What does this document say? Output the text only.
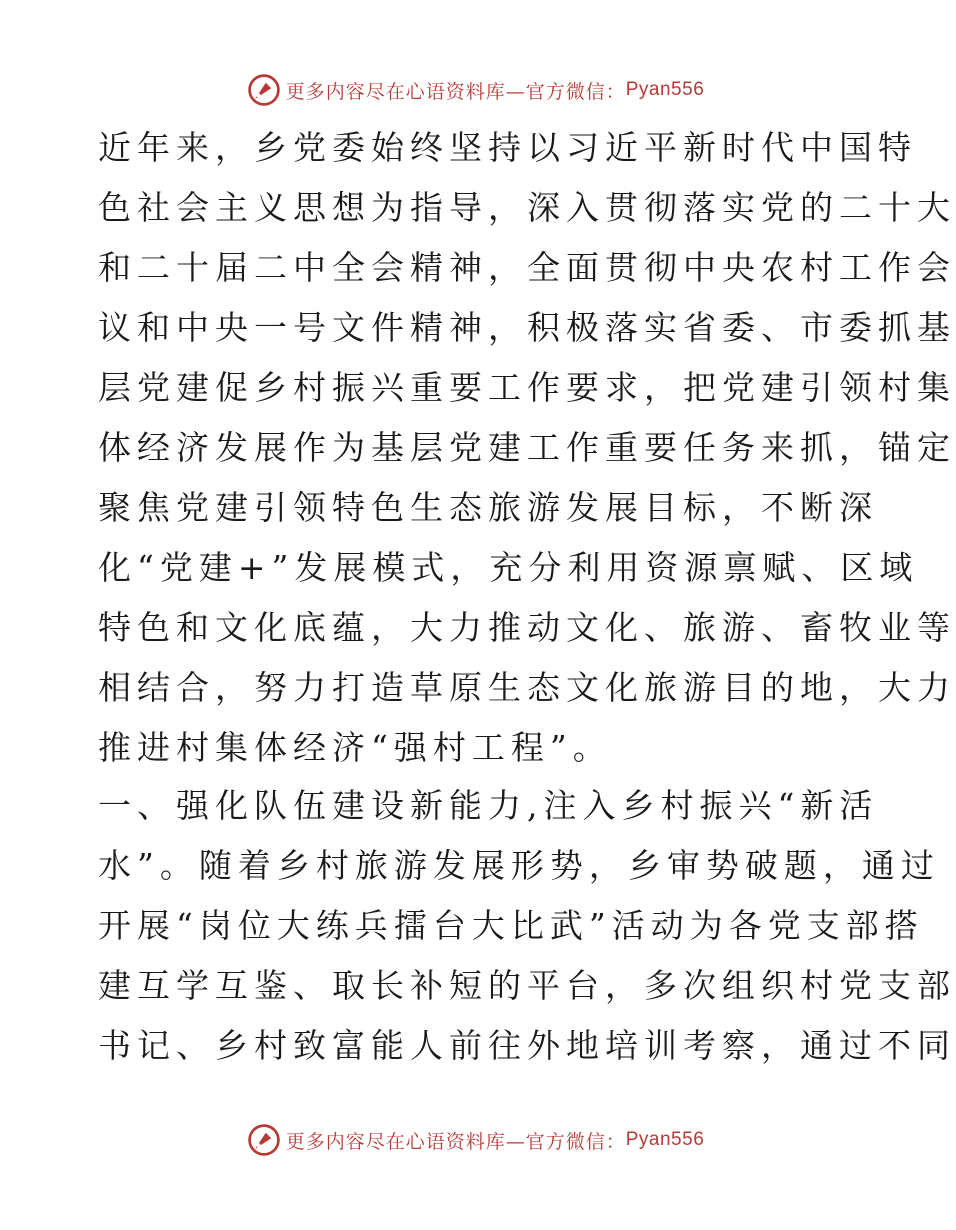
更多内容尽在心语资料库—官方微信： Pyan556
近年来，乡党委始终坚持以习近平新时代中国特
色社会主义思想为指导，深入贯彻落实党的二十大
和二十届二中全会精神，全面贯彻中央农村工作会
议和中央一号文件精神，积极落实省委、市委抓基
层党建促乡村振兴重要工作要求，把党建引领村集
体经济发展作为基层党建工作重要任务来抓，锚定
聚焦党建引领特色生态旅游发展目标，不断深
化“党建+”发展模式，充分利用资源禀赋、区域
特色和文化底蕴，大力推动文化、旅游、畜牧业等
相结合，努力打造草原生态文化旅游目的地，大力
推进村集体经济“强村工程”。
一、强化队伍建设新能力,注入乡村振兴“新活
水”。随着乡村旅游发展形势，乡审势破题，通过
开展“岗位大练兵擂台大比武”活动为各党支部搭
建互学互鉴、取长补短的平台，多次组织村党支部
书记、乡村致富能人前往外地培训考察，通过不同
更多内容尽在心语资料库—官方微信： Pyan556
